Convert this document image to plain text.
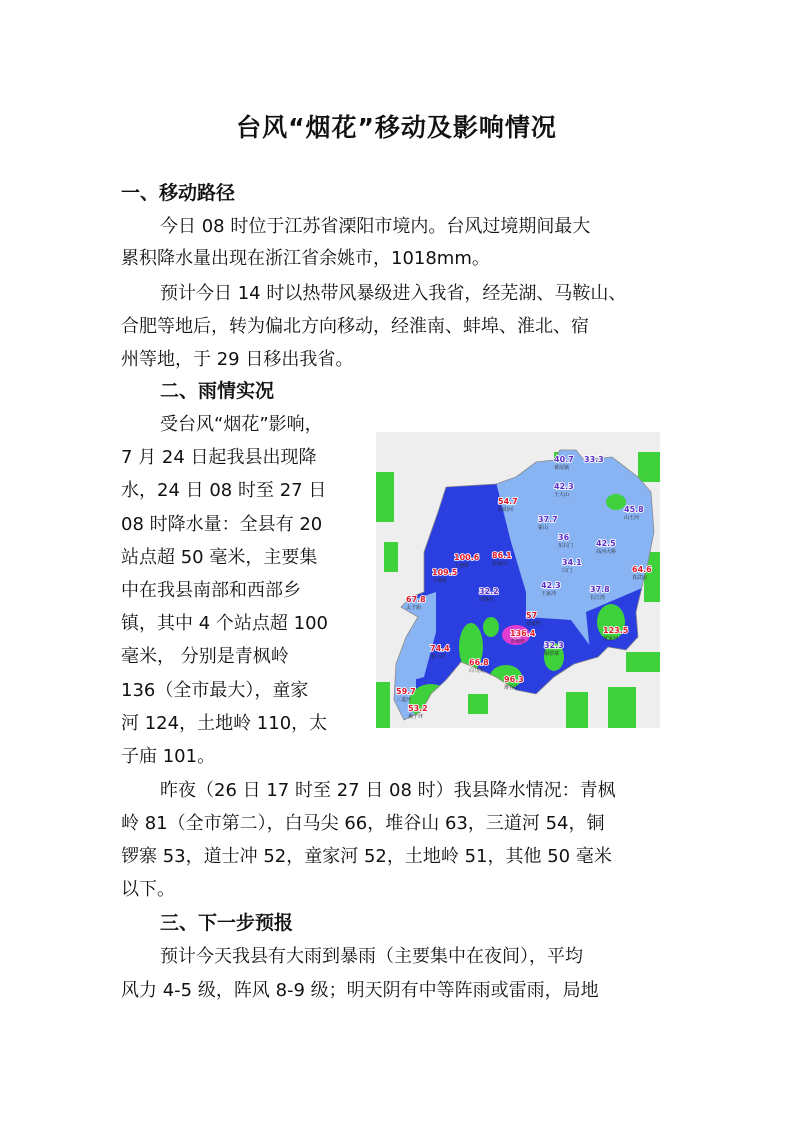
台风“烟花”移动及影响情况
一、移动路径
今日 08 时位于江苏省溧阳市境内。台风过境期间最大
累积降水量出现在浙江省余姚市，1018mm。
预计今日 14 时以热带风暴级进入我省，经芜湖、马鞍山、
合肥等地后，转为偏北方向移动，经淮南、蚌埠、淮北、宿
州等地，于 29 日移出我省。
二、雨情实况
受台风“烟花”影响，
7 月 24 日起我县出现降
水，24 日 08 时至 27 日
08 时降水量：全县有 20
站点超 50 毫米，主要集
中在我县南部和西部乡
镇，其中 4 个站点超 100
毫米， 分别是青枫岭
136（全市最大），童家
河 124，土地岭 110，太
子庙 101。
昨夜（26 日 17 时至 27 日 08 时）我县降水情况：青枫
岭 81（全市第二），白马尖 66，堆谷山 63，三道河 54，铜
锣寨 53，道士冲 52，童家河 52，土地岭 51，其他 50 毫米
以下。
三、下一步预报
预计今天我县有大雨到暴雨（主要集中在夜间），平均
风力 4-5 级，阵风 8-9 级；明天阴有中等阵雨或雷雨，局地
40.7
黄尾镇
33.3
42.3
王大山
54.7
和阳河	45.8
山王河
37.7
霍山
36
东石门	42.5
高河大桥
100.6
土地岭
86.1
但家河	34.1
白门	64.6
真武庙
109.5
土地岭
32.2
西溪村
42.3
王家冲
67.8
太子庙
37.8
长江湾
57
郑家岭
123.5
童家河
136.4
青枫岭
74.4
道士冲
32.3
铜锣寨
66.8
白马尖
96.3
堆谷山
59.7
三道河
53.2
燕子坪
